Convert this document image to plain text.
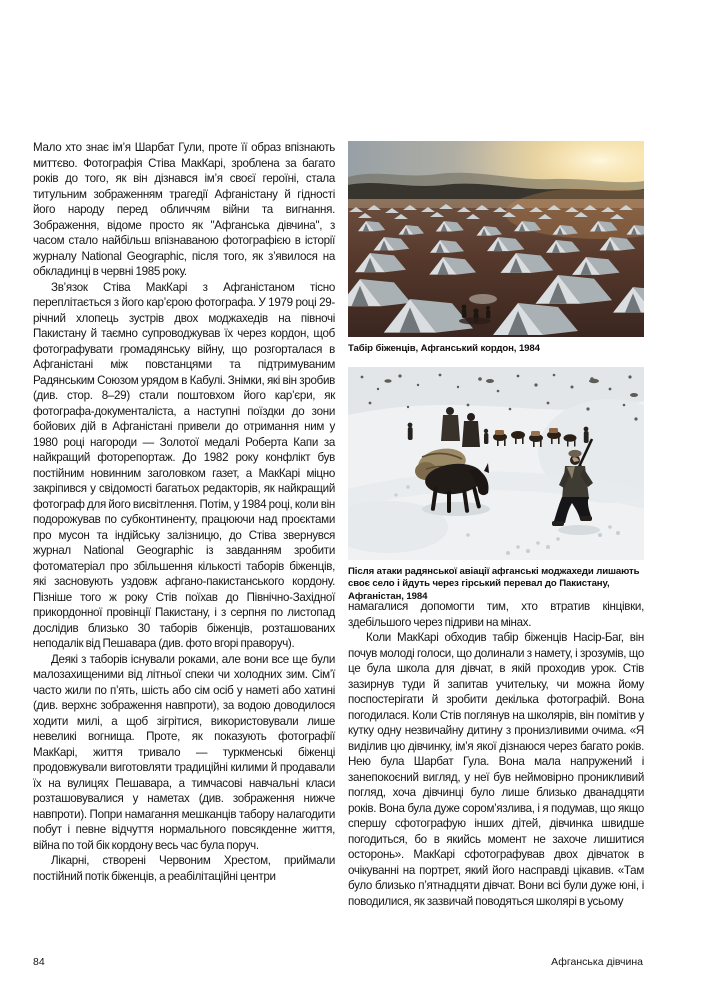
Мало хто знає ім’я Шарбат Гули, проте її образ впізнають миттєво. Фотографія Стіва МакКарі, зроблена за багато років до того, як він дізнався ім’я своєї героїні, стала титульним зображенням трагедії Афганістану й гідності його народу перед обличчям війни та вигнання. Зображення, відоме просто як "Афганська дівчина", з часом стало найбільш впізнаваною фотографією в історії журналу National Geographic, після того, як з’явилося на обкладинці в червні 1985 року.

Зв’язок Стіва МакКарі з Афганістаном тісно переплітається з його кар’єрою фотографа. У 1979 році 29-річний хлопець зустрів двох моджахедів на півночі Пакистану й таємно супроводжував їх через кордон, щоб фотографувати громадянську війну, що розгорталася в Афганістані між повстанцями та підтримуваним Радянським Союзом урядом в Кабулі. Знімки, які він зробив (див. стор. 8–29) стали поштовхом його кар’єри, як фотографа-документаліста, а наступні поїздки до зони бойових дій в Афганістані привели до отримання ним у 1980 році нагороди — Золотої медалі Роберта Капи за найкращий фоторепортаж. До 1982 року конфлікт був постійним новинним заголовком газет, а МакКарі міцно закріпився у свідомості багатьох редакторів, як найкращий фотограф для його висвітлення. Потім, у 1984 році, коли він подорожував по субконтиненту, працюючи над проєктами про мусон та індійську залізницю, до Стіва звернувся журнал National Geographic із завданням зробити фотоматеріал про збільшення кількості таборів біженців, які засновують уздовж афгано-пакистанського кордону. Пізніше того ж року Стів поїхав до Північно-Західної прикордонної провінції Пакистану, і з серпня по листопад дослідив близько 30 таборів біженців, розташованих неподалік від Пешавара (див. фото вгорі праворуч).

Деякі з таборів існували роками, але вони все ще були малозахищеними від літньої спеки чи холодних зим. Сім’ї часто жили по п’ять, шість або сім осіб у наметі або хатині (див. верхнє зображення навпроти), за водою доводилося ходити милі, а щоб зігрітися, використовували лише невеликі вогнища. Проте, як показують фотографії МакКарі, життя тривало — туркменські біженці продовжували виготовляти традиційні килими й продавали їх на вулицях Пешавара, а тимчасові навчальні класи розташовувалися у наметах (див. зображення нижче навпроти). Попри намагання мешканців табору налагодити побут і певне відчуття нормального повсякденне життя, війна по той бік кордону весь час була поруч.

Лікарні, створені Червоним Хрестом, приймали постійний потік біженців, а реабілітаційні центри

намагалися допомогти тим, хто втратив кінцівки, здебільшого через підриви на мінах.

Коли МакКарі обходив табір біженців Насір-Баг, він почув молоді голоси, що долинали з намету, і зрозумів, що це була школа для дівчат, в якій проходив урок. Стів зазирнув туди й запитав учительку, чи можна йому поспостерігати й зробити декілька фотографій. Вона погодилася. Коли Стів поглянув на школярів, він помітив у кутку одну незвичайну дитину з пронизливими очима. «Я виділив цю дівчинку, ім’я якої дізнаюся через багато років. Нею була Шарбат Гула. Вона мала напружений і занепокоєний вигляд, у неї був неймовірно проникливий погляд, хоча дівчинці було лише близько дванадцяти років. Вона була дуже сором’язлива, і я подумав, що якщо спершу сфотографую інших дітей, дівчинка швидше погодиться, бо в якийсь момент не захоче лишитися осторонь». МакКарі сфотографував двох дівчаток в очікуванні на портрет, який його насправді цікавив. «Там було близько п’ятнадцяти дівчат. Вони всі були дуже юні, і поводилися, як зазвичай поводяться школярі в усьому

Табір біженців, Афганський кордон, 1984
Після атаки радянської авіації афганські моджахеди лишають своє село і йдуть через гірський перевал до Пакистану, Афганістан, 1984
84	Афганська дівчина
